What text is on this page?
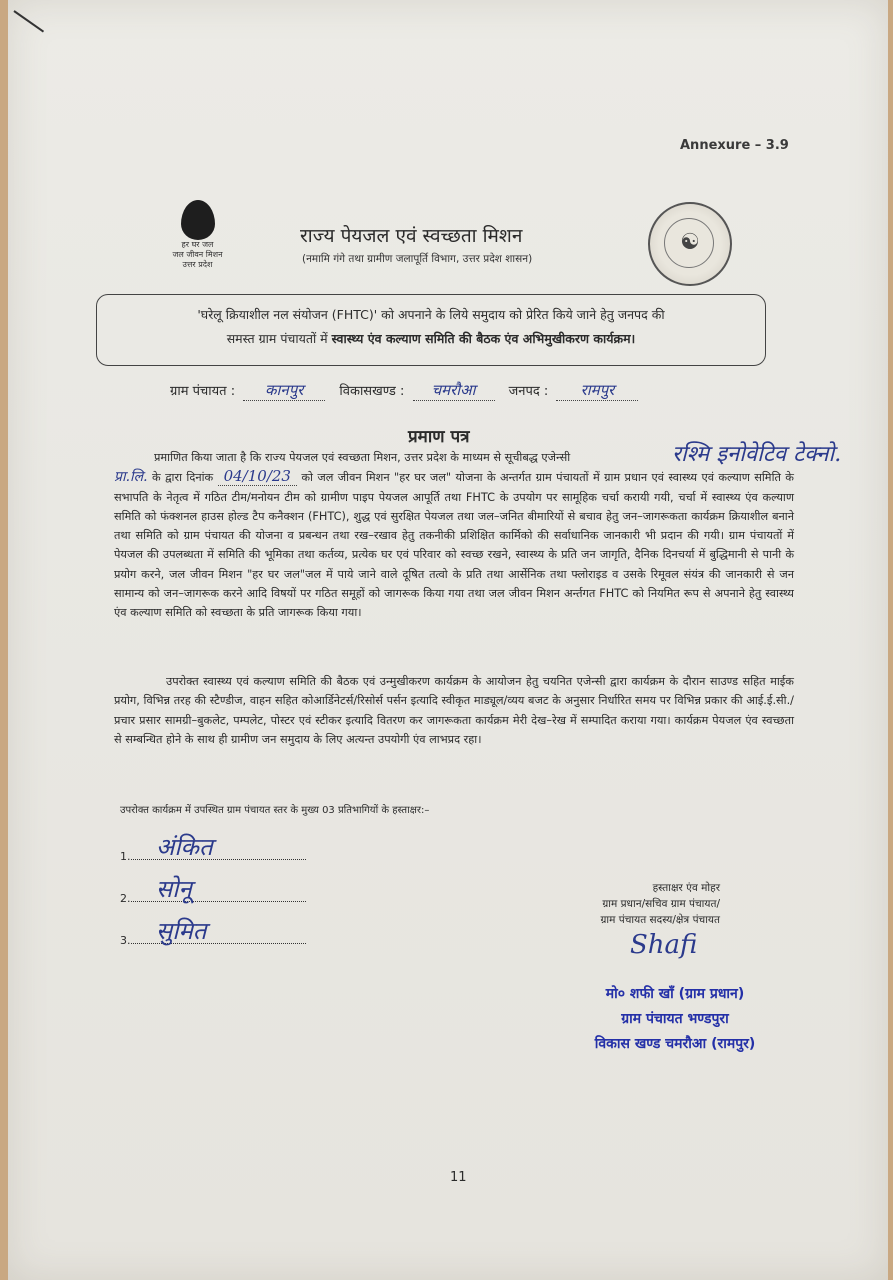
Annexure – 3.9
हर घर जल
जल जीवन मिशन
उत्तर प्रदेश
☯
राज्य पेयजल एवं स्वच्छता मिशन
(नमामि गंगे तथा ग्रामीण जलापूर्ति विभाग, उत्तर प्रदेश शासन)
'घरेलू क्रियाशील नल संयोजन (FHTC)' को अपनाने के लिये समुदाय को प्रेरित किये जाने हेतु जनपद की
समस्त ग्राम पंचायतों में स्वास्थ्य एंव कल्याण समिति की बैठक एंव अभिमुखीकरण कार्यक्रम।
ग्राम पंचायत : कानपुर	विकासखण्ड : चमरौआ	जनपद : रामपुर
प्रमाण पत्र
रश्मि इनोवेटिव टेक्नो.
प्रमाणित किया जाता है कि राज्य पेयजल एवं स्वच्छता मिशन, उत्तर प्रदेश के माध्यम से सूचीबद्ध एजेन्सी
प्रा.लि. के द्वारा दिनांक 04/10/23 को जल जीवन मिशन "हर घर जल" योजना के अन्तर्गत ग्राम पंचायतों में ग्राम प्रधान एवं स्वास्थ्य एवं कल्याण समिति के सभापति के नेतृत्व में गठित टीम/मनोयन टीम को ग्रामीण पाइप पेयजल आपूर्ति तथा FHTC के उपयोग पर सामूहिक चर्चा करायी गयी, चर्चा में स्वास्थ्य एंव कल्याण समिति को फंक्शनल हाउस होल्ड टैप कनैक्शन (FHTC), शुद्ध एवं सुरक्षित पेयजल तथा जल–जनित बीमारियों से बचाव हेतु जन–जागरूकता कार्यक्रम क्रियाशील बनाने तथा समिति को ग्राम पंचायत की योजना व प्रबन्धन तथा रख–रखाव हेतु तकनीकी प्रशिक्षित कार्मिको की सर्वाधानिक जानकारी भी प्रदान की गयी। ग्राम पंचायतों में पेयजल की उपलब्धता में समिति की भूमिका तथा कर्तव्य, प्रत्येक घर एवं परिवार को स्वच्छ रखने, स्वास्थ्य के प्रति जन जागृति, दैनिक दिनचर्या में बुद्धिमानी से पानी के प्रयोग करने, जल जीवन मिशन "हर घर जल"जल में पाये जाने वाले दूषित तत्वो के प्रति तथा आर्सेनिक तथा फ्लोराइड व उसके रिमूवल संयंत्र की जानकारी से जन सामान्य को जन–जागरूक करने आदि विषयों पर गठित समूहों को जागरूक किया गया तथा जल जीवन मिशन अर्न्तगत FHTC को नियमित रूप से अपनाने हेतु स्वास्थ्य एंव कल्याण समिति को स्वच्छता के प्रति जागरूक किया गया।
उपरोक्त स्वास्थ्य एवं कल्याण समिति की बैठक एवं उन्मुखीकरण कार्यक्रम के आयोजन हेतु चयनित एजेन्सी द्वारा कार्यक्रम के दौरान साउण्ड सहित माईक प्रयोग, विभिन्न तरह की स्टैण्डीज, वाहन सहित कोआर्डिनेटर्स/रिसोर्स पर्सन इत्यादि स्वीकृत माड्यूल/व्यय बजट के अनुसार निर्धारित समय पर विभिन्न प्रकार की आई.ई.सी./प्रचार प्रसार सामग्री–बुकलेट, पम्पलेट, पोस्टर एवं स्टीकर इत्यादि वितरण कर जागरूकता कार्यक्रम मेरी देख–रेख में सम्पादित कराया गया। कार्यक्रम पेयजल एंव स्वच्छता से सम्बन्धित होने के साथ ही ग्रामीण जन समुदाय के लिए अत्यन्त उपयोगी एंव लाभप्रद रहा।
उपरोक्त कार्यक्रम में उपस्थित ग्राम पंचायत स्तर के मुख्य 03 प्रतिभागियों के हस्ताक्षर:–
1. अंकित
2. सोनू
3. सुमित
हस्ताक्षर एंव मोहर
ग्राम प्रधान/सचिव ग्राम पंचायत/
ग्राम पंचायत सदस्य/क्षेत्र पंचायत
Shafi
मो० शफी खाँ (ग्राम प्रधान)
ग्राम पंचायत भण्डपुरा
विकास खण्ड चमरौआ (रामपुर)
11
